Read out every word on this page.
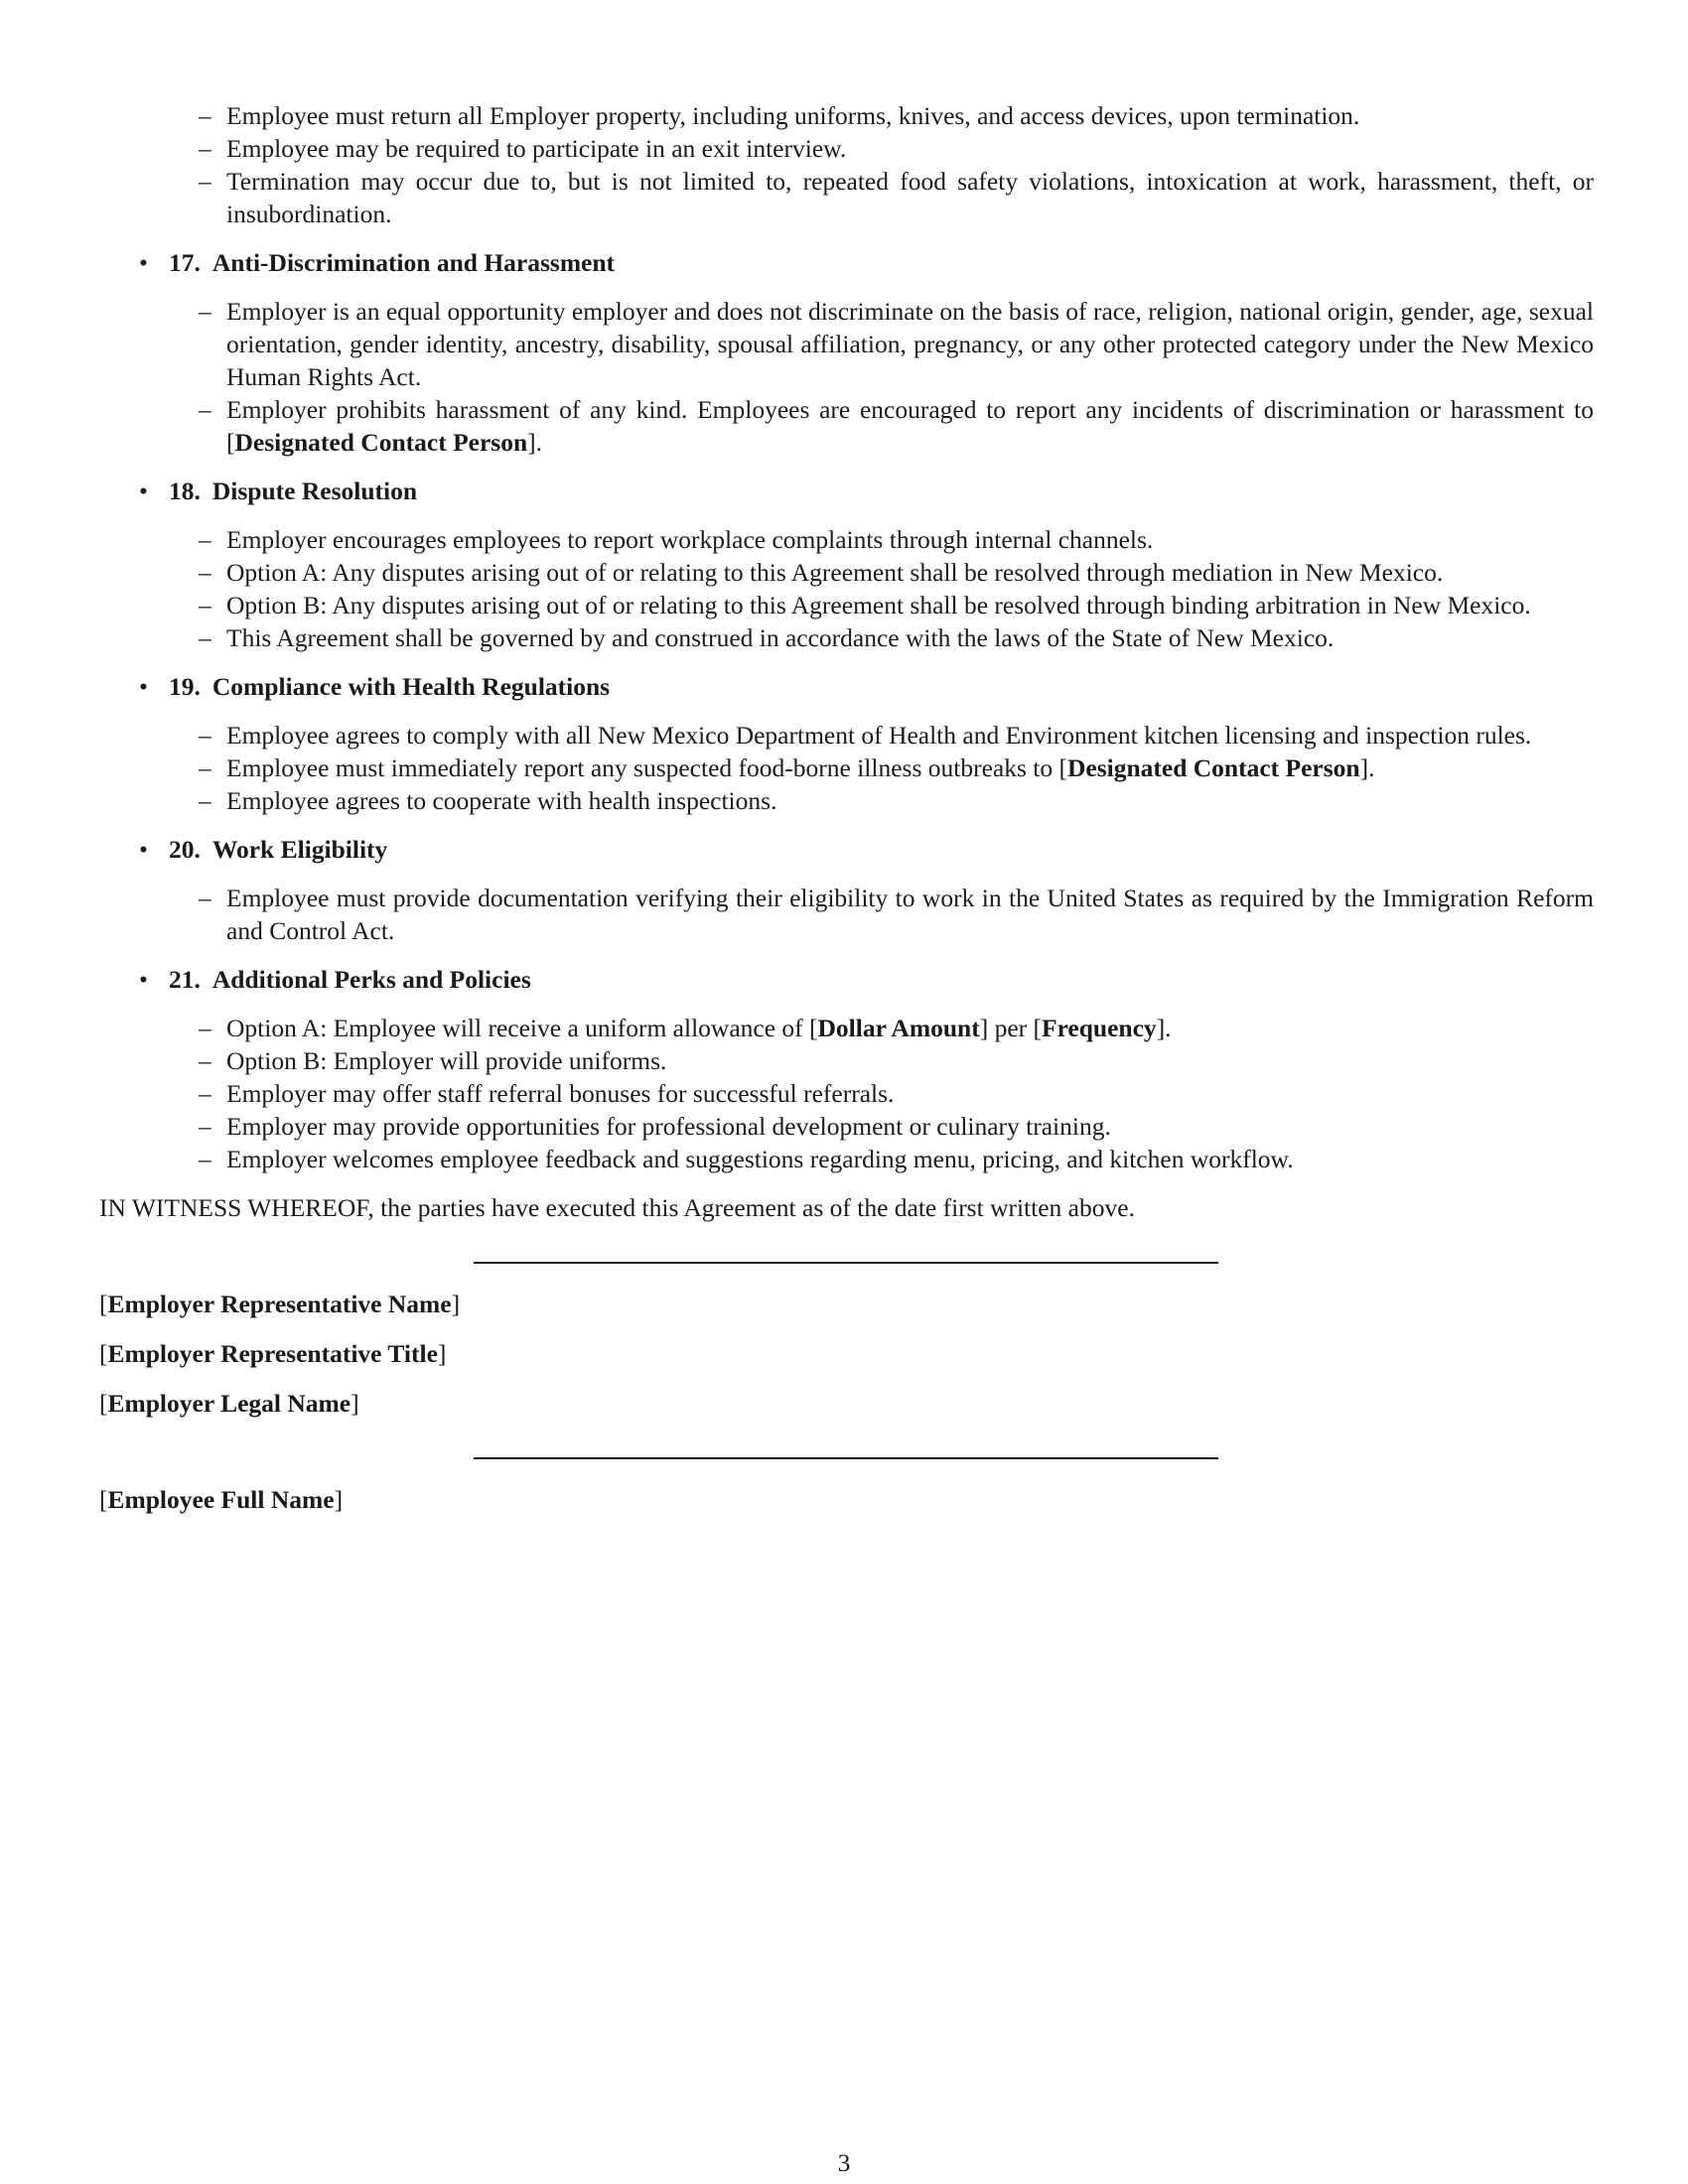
– Employee must return all Employer property, including uniforms, knives, and access devices, upon termination.
– Employee may be required to participate in an exit interview.
– Termination may occur due to, but is not limited to, repeated food safety violations, intoxication at work, harassment, theft, or insubordination.
• 17. Anti-Discrimination and Harassment
– Employer is an equal opportunity employer and does not discriminate on the basis of race, religion, national origin, gender, age, sexual orientation, gender identity, ancestry, disability, spousal affiliation, pregnancy, or any other protected category under the New Mexico Human Rights Act.
– Employer prohibits harassment of any kind. Employees are encouraged to report any incidents of discrimination or harassment to [Designated Contact Person].
• 18. Dispute Resolution
– Employer encourages employees to report workplace complaints through internal channels.
– Option A: Any disputes arising out of or relating to this Agreement shall be resolved through mediation in New Mexico.
– Option B: Any disputes arising out of or relating to this Agreement shall be resolved through binding arbitration in New Mexico.
– This Agreement shall be governed by and construed in accordance with the laws of the State of New Mexico.
• 19. Compliance with Health Regulations
– Employee agrees to comply with all New Mexico Department of Health and Environment kitchen licensing and inspection rules.
– Employee must immediately report any suspected food-borne illness outbreaks to [Designated Contact Person].
– Employee agrees to cooperate with health inspections.
• 20. Work Eligibility
– Employee must provide documentation verifying their eligibility to work in the United States as required by the Immigration Reform and Control Act.
• 21. Additional Perks and Policies
– Option A: Employee will receive a uniform allowance of [Dollar Amount] per [Frequency].
– Option B: Employer will provide uniforms.
– Employer may offer staff referral bonuses for successful referrals.
– Employer may provide opportunities for professional development or culinary training.
– Employer welcomes employee feedback and suggestions regarding menu, pricing, and kitchen workflow.
IN WITNESS WHEREOF, the parties have executed this Agreement as of the date first written above.
[Employer Representative Name]
[Employer Representative Title]
[Employer Legal Name]
[Employee Full Name]
3
